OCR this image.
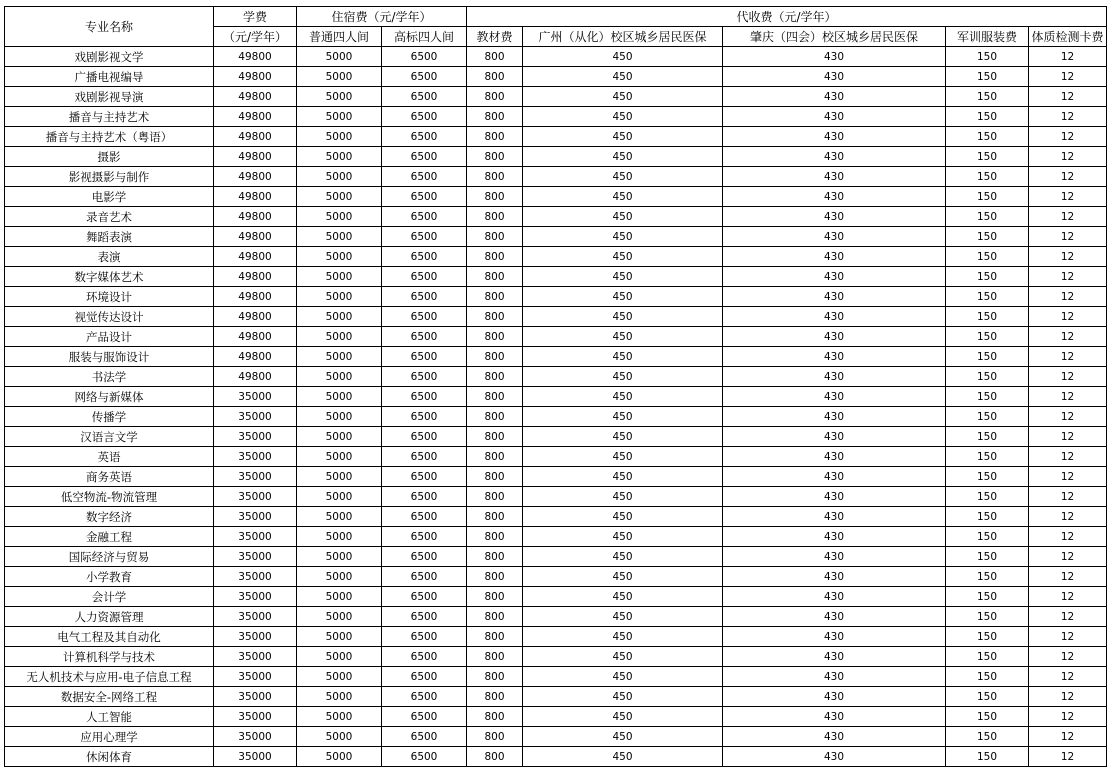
专业名称	学费	住宿费（元/学年）		代收费（元/学年）				
	（元/学年）	普通四人间	高标四人间	教材费	广州（从化）校区城乡居民医保	肇庆（四会）校区城乡居民医保	军训服装费	体质检测卡费
戏剧影视文学	49800	5000	6500	800	450	430	150	12
广播电视编导	49800	5000	6500	800	450	430	150	12
戏剧影视导演	49800	5000	6500	800	450	430	150	12
播音与主持艺术	49800	5000	6500	800	450	430	150	12
播音与主持艺术（粤语）	49800	5000	6500	800	450	430	150	12
摄影	49800	5000	6500	800	450	430	150	12
影视摄影与制作	49800	5000	6500	800	450	430	150	12
电影学	49800	5000	6500	800	450	430	150	12
录音艺术	49800	5000	6500	800	450	430	150	12
舞蹈表演	49800	5000	6500	800	450	430	150	12
表演	49800	5000	6500	800	450	430	150	12
数字媒体艺术	49800	5000	6500	800	450	430	150	12
环境设计	49800	5000	6500	800	450	430	150	12
视觉传达设计	49800	5000	6500	800	450	430	150	12
产品设计	49800	5000	6500	800	450	430	150	12
服装与服饰设计	49800	5000	6500	800	450	430	150	12
书法学	49800	5000	6500	800	450	430	150	12
网络与新媒体	35000	5000	6500	800	450	430	150	12
传播学	35000	5000	6500	800	450	430	150	12
汉语言文学	35000	5000	6500	800	450	430	150	12
英语	35000	5000	6500	800	450	430	150	12
商务英语	35000	5000	6500	800	450	430	150	12
低空物流-物流管理	35000	5000	6500	800	450	430	150	12
数字经济	35000	5000	6500	800	450	430	150	12
金融工程	35000	5000	6500	800	450	430	150	12
国际经济与贸易	35000	5000	6500	800	450	430	150	12
小学教育	35000	5000	6500	800	450	430	150	12
会计学	35000	5000	6500	800	450	430	150	12
人力资源管理	35000	5000	6500	800	450	430	150	12
电气工程及其自动化	35000	5000	6500	800	450	430	150	12
计算机科学与技术	35000	5000	6500	800	450	430	150	12
无人机技术与应用-电子信息工程	35000	5000	6500	800	450	430	150	12
数据安全-网络工程	35000	5000	6500	800	450	430	150	12
人工智能	35000	5000	6500	800	450	430	150	12
应用心理学	35000	5000	6500	800	450	430	150	12
休闲体育	35000	5000	6500	800	450	430	150	12
